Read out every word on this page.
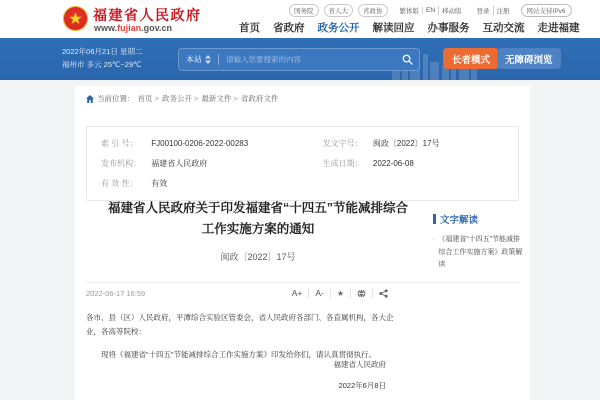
福建省人民政府
www.fujian.gov.cn
国务院	省人大	省政协	繁体版	EN	移动版	登录	注册	网站支持IPv6
首页 省政府 政务公开 解读回应 办事服务 互动交流 走进福建
2022年06月21日 星期二
福州市 多云 25℃~29℃
本站
请输入您要搜索的内容	长者模式	无障碍浏览
当前位置： 首页 >	政务公开 >	最新文件 >	省政府文件
索 引 号： FJ00100-0206-2022-00283	发文字号： 闽政〔2022〕17号
发布机构： 福建省人民政府	生成日期： 2022-06-08
有 效 性： 有效
福建省人民政府关于印发福建省“十四五”节能减排综合工作实施方案的通知
闽政〔2022〕17号
2022-06-17 16:59	A+	A-	★

各市、县（区）人民政府，平潭综合实验区管委会，省人民政府各部门、各直属机构，各大企业，各高等院校：

现将《福建省“十四五”节能减排综合工作实施方案》印发给你们，请认真贯彻执行。

福建省人民政府
2022年6月8日
文字解读
· 《福建省“十四五”节能减排综合工作实施方案》政策解读
